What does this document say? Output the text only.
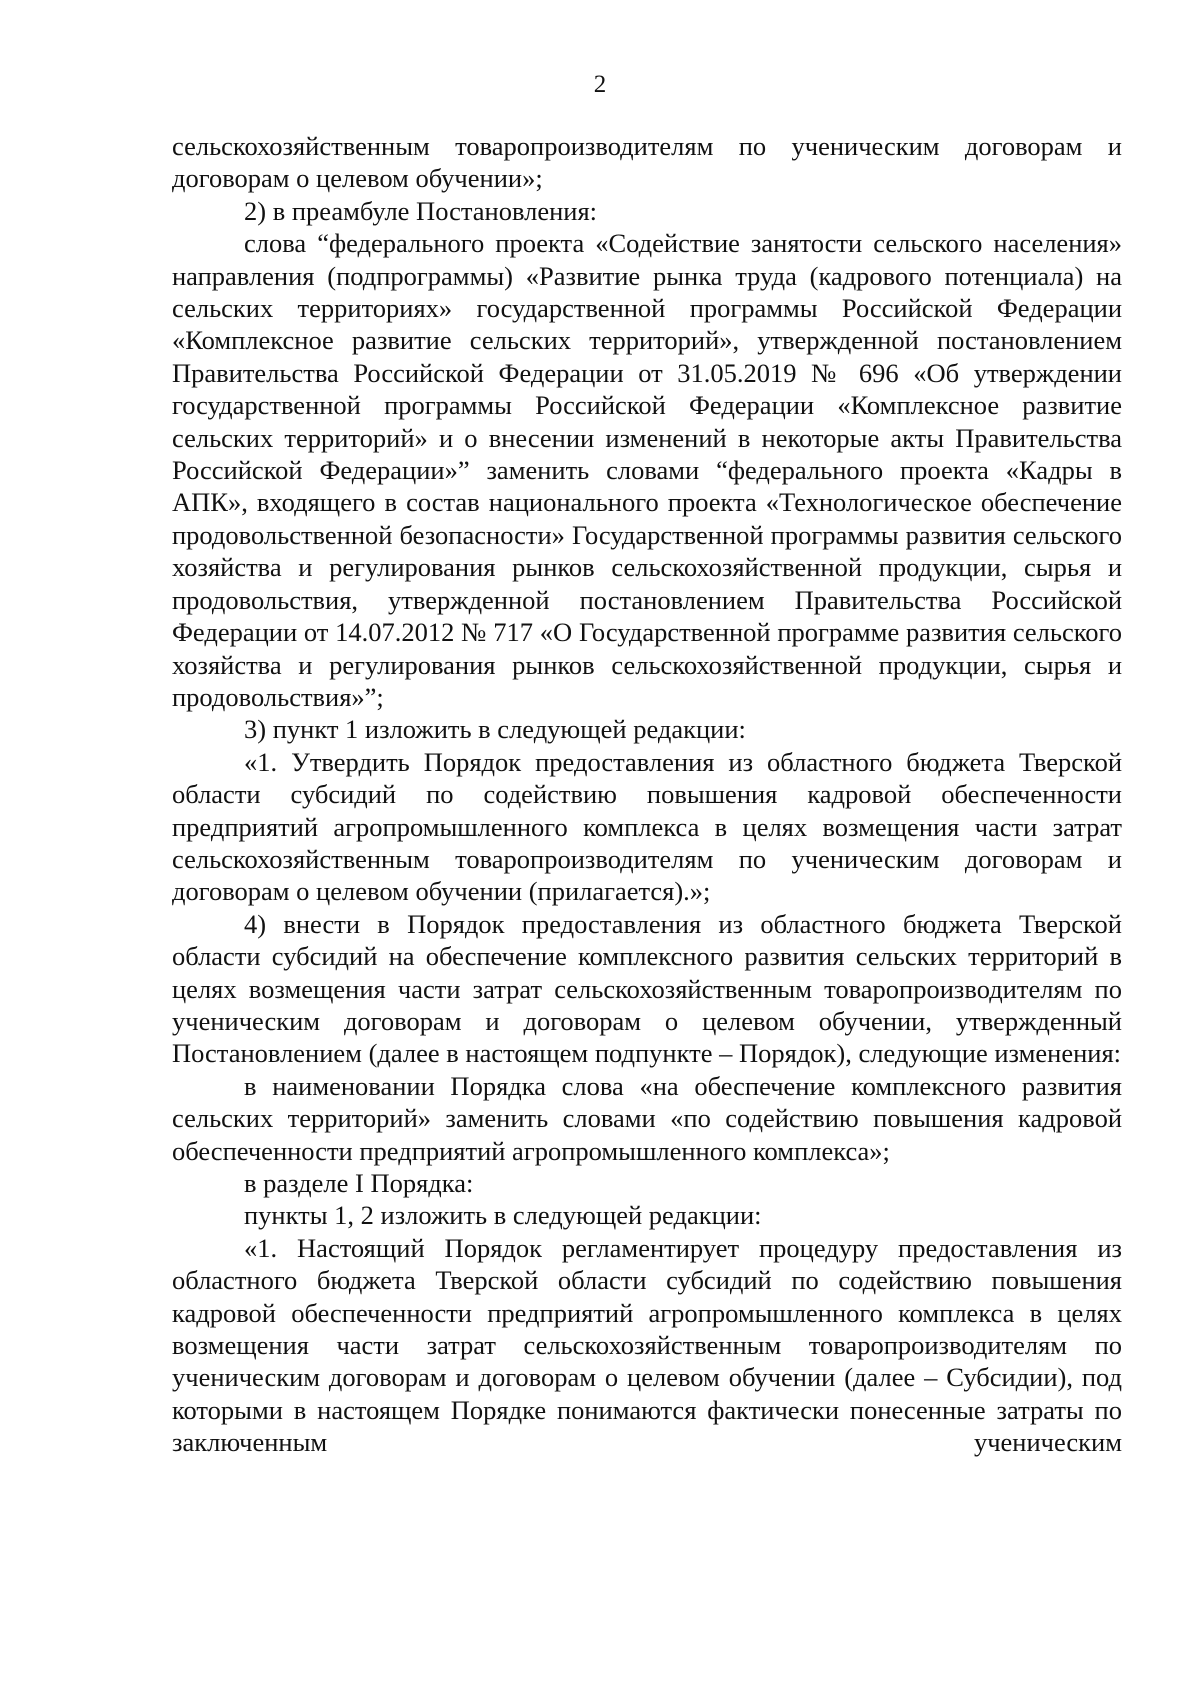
2

сельскохозяйственным товаропроизводителям по ученическим договорам и договорам о целевом обучении»;

2) в преамбуле Постановления:

слова “федерального проекта «Содействие занятости сельского населения» направления (подпрограммы) «Развитие рынка труда (кадрового потенциала) на сельских территориях» государственной программы Российской Федерации «Комплексное развитие сельских территорий», утвержденной постановлением Правительства Российской Федерации от 31.05.2019 № 696 «Об утверждении государственной программы Российской Федерации «Комплексное развитие сельских территорий» и о внесении изменений в некоторые акты Правительства Российской Федерации»” заменить словами “федерального проекта «Кадры в АПК», входящего в состав национального проекта «Технологическое обеспечение продовольственной безопасности» Государственной программы развития сельского хозяйства и регулирования рынков сельскохозяйственной продукции, сырья и продовольствия, утвержденной постановлением Правительства Российской Федерации от 14.07.2012 № 717 «О Государственной программе развития сельского хозяйства и регулирования рынков сельскохозяйственной продукции, сырья и продовольствия»”;

3) пункт 1 изложить в следующей редакции:

«1. Утвердить Порядок предоставления из областного бюджета Тверской области субсидий по содействию повышения кадровой обеспеченности предприятий агропромышленного комплекса в целях возмещения части затрат сельскохозяйственным товаропроизводителям по ученическим договорам и договорам о целевом обучении (прилагается).»;

4) внести в Порядок предоставления из областного бюджета Тверской области субсидий на обеспечение комплексного развития сельских территорий в целях возмещения части затрат сельскохозяйственным товаропроизводителям по ученическим договорам и договорам о целевом обучении, утвержденный Постановлением (далее в настоящем подпункте – Порядок), следующие изменения:

в наименовании Порядка слова «на обеспечение комплексного развития сельских территорий» заменить словами «по содействию повышения кадровой обеспеченности предприятий агропромышленного комплекса»;

в разделе I Порядка:

пункты 1, 2 изложить в следующей редакции:

«1. Настоящий Порядок регламентирует процедуру предоставления из областного бюджета Тверской области субсидий по содействию повышения кадровой обеспеченности предприятий агропромышленного комплекса в целях возмещения части затрат сельскохозяйственным товаропроизводителям по ученическим договорам и договорам о целевом обучении (далее – Субсидии), под которыми в настоящем Порядке понимаются фактически понесенные затраты по заключенным ученическим
